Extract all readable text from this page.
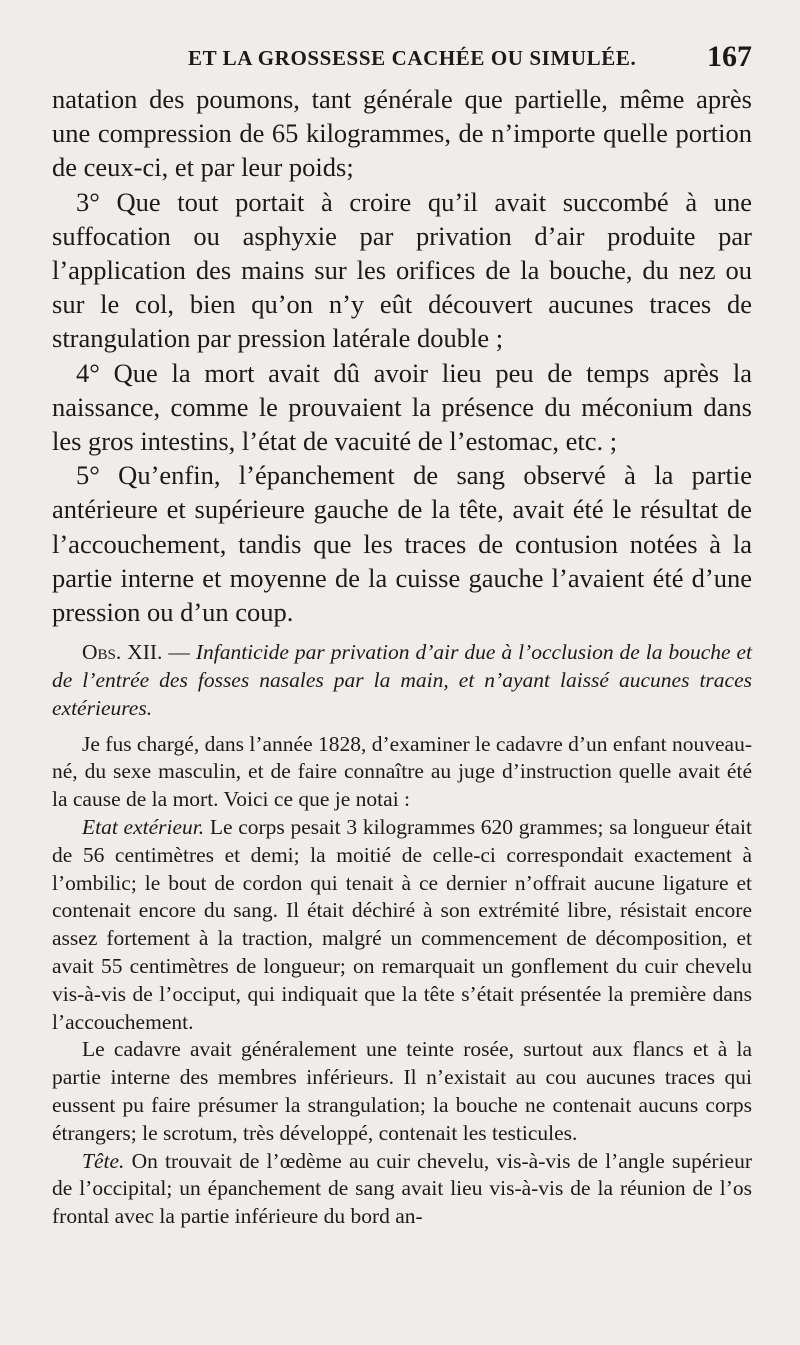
ET LA GROSSESSE CACHÉE OU SIMULÉE. 167

natation des poumons, tant générale que partielle, même après une compression de 65 kilogrammes, de n’importe quelle portion de ceux-ci, et par leur poids;

3° Que tout portait à croire qu’il avait succombé à une suffocation ou asphyxie par privation d’air produite par l’application des mains sur les orifices de la bouche, du nez ou sur le col, bien qu’on n’y eût découvert aucunes traces de strangulation par pression latérale double ;

4° Que la mort avait dû avoir lieu peu de temps après la naissance, comme le prouvaient la présence du méconium dans les gros intestins, l’état de vacuité de l’estomac, etc. ;

5° Qu’enfin, l’épanchement de sang observé à la partie antérieure et supérieure gauche de la tête, avait été le résultat de l’accouchement, tandis que les traces de contusion notées à la partie interne et moyenne de la cuisse gauche l’avaient été d’une pression ou d’un coup.

Obs. XII. — Infanticide par privation d’air due à l’occlusion de la bouche et de l’entrée des fosses nasales par la main, et n’ayant laissé aucunes traces extérieures.

Je fus chargé, dans l’année 1828, d’examiner le cadavre d’un enfant nouveau-né, du sexe masculin, et de faire connaître au juge d’instruction quelle avait été la cause de la mort. Voici ce que je notai :

Etat extérieur. Le corps pesait 3 kilogrammes 620 grammes; sa longueur était de 56 centimètres et demi; la moitié de celle-ci correspondait exactement à l’ombilic; le bout de cordon qui tenait à ce dernier n’offrait aucune ligature et contenait encore du sang. Il était déchiré à son extrémité libre, résistait encore assez fortement à la traction, malgré un commencement de décomposition, et avait 55 centimètres de longueur; on remarquait un gonflement du cuir chevelu vis-à-vis de l’occiput, qui indiquait que la tête s’était présentée la première dans l’accouchement.

Le cadavre avait généralement une teinte rosée, surtout aux flancs et à la partie interne des membres inférieurs. Il n’existait au cou aucunes traces qui eussent pu faire présumer la strangulation; la bouche ne contenait aucuns corps étrangers; le scrotum, très développé, contenait les testicules.

Tête. On trouvait de l’œdème au cuir chevelu, vis-à-vis de l’angle supérieur de l’occipital; un épanchement de sang avait lieu vis-à-vis de la réunion de l’os frontal avec la partie inférieure du bord an-
